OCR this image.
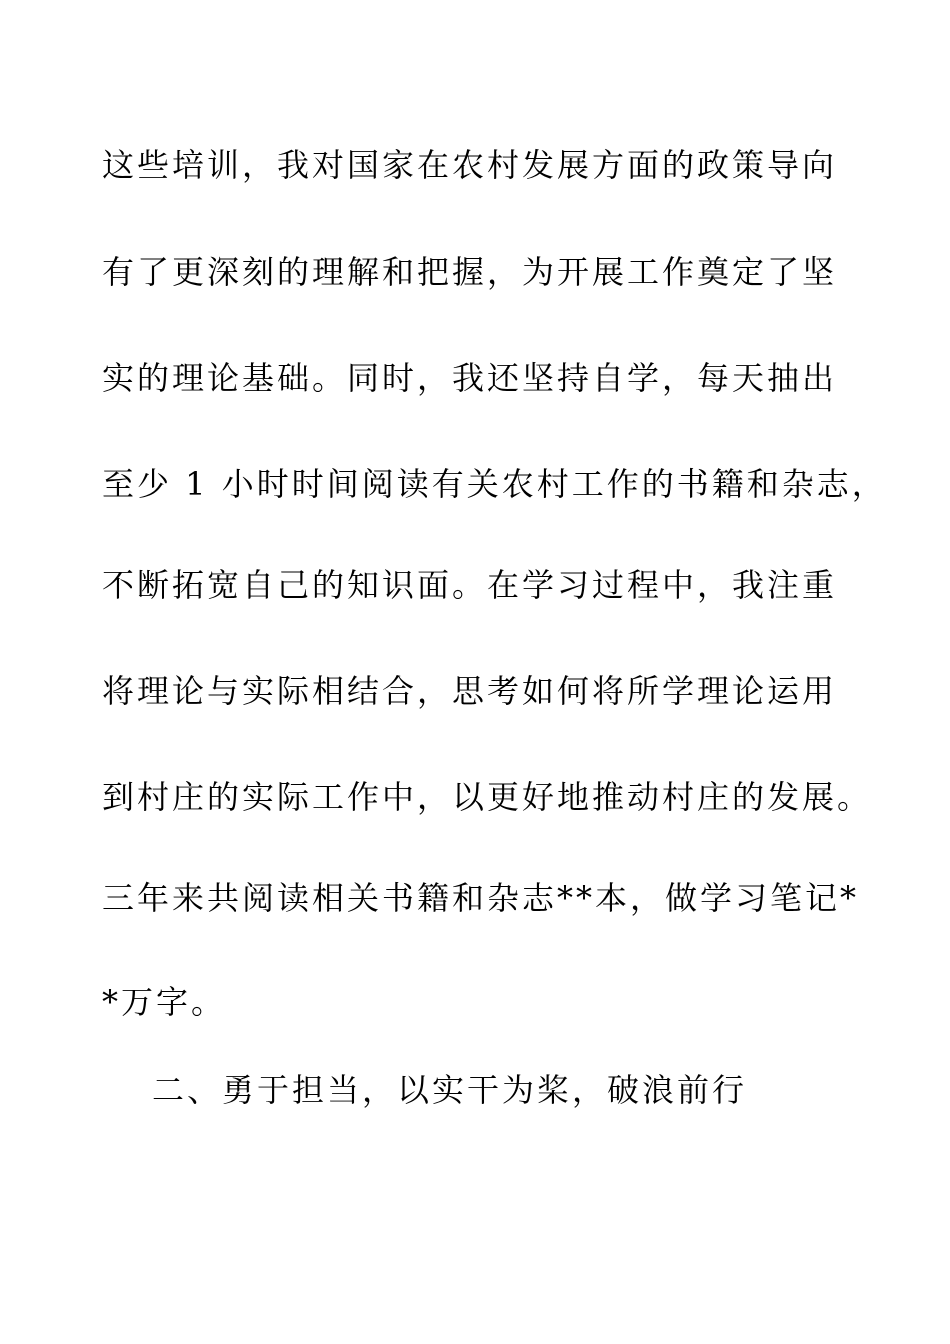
这些培训，我对国家在农村发展方面的政策导向
有了更深刻的理解和把握，为开展工作奠定了坚
实的理论基础。同时，我还坚持自学，每天抽出
至少 1 小时时间阅读有关农村工作的书籍和杂志，
不断拓宽自己的知识面。在学习过程中，我注重
将理论与实际相结合，思考如何将所学理论运用
到村庄的实际工作中，以更好地推动村庄的发展。
三年来共阅读相关书籍和杂志**本，做学习笔记*
*万字。
二、勇于担当，以实干为桨，破浪前行
